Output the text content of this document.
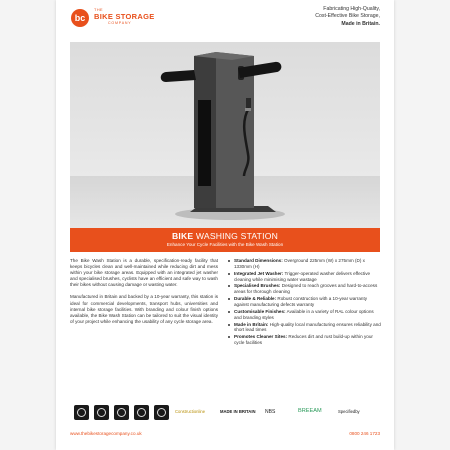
bc
THE
BIKE STORAGE
COMPANY
Fabricating High-Quality,
Cost-Effective Bike Storage,
Made in Britain.
BIKE WASHING STATION
Enhance Your Cycle Facilities with the Bike Wash Station

The Bike Wash Station is a durable, specification-ready facility that keeps bicycles clean and well-maintained while reducing dirt and mess within your bike storage areas. Equipped with an integrated jet washer and specialised brushes, cyclists have an efficient and safe way to wash their bikes without causing damage or wasting water.

Manufactured in Britain and backed by a 10-year warranty, this station is ideal for commercial developments, transport hubs, universities and internal bike storage facilities. With branding and colour finish options available, the Bike Wash Station can be tailored to suit the visual identity of your project while enhancing the usability of any cycle storage area.

Standard Dimensions: Overground 225mm (W) x 275mm (D) x 1330mm (H)
Integrated Jet Washer: Trigger-operated washer delivers effective cleaning while minimising water wastage
Specialised Brushes: Designed to reach grooves and hard-to-access areas for thorough cleaning
Durable & Reliable: Robust construction with a 10-year warranty against manufacturing defects warranty
Customisable Finishes: Available in a variety of RAL colour options and branding styles
Made in Britain: High-quality local manufacturing ensures reliability and short lead times
Promotes Cleaner Sites: Reduces dirt and rust build-up within your cycle facilities
Constructionline	MADE IN BRITAIN NBS	BREEAM	Specifiedby
www.thebikestoragecompany.co.uk	0800 246 1723
